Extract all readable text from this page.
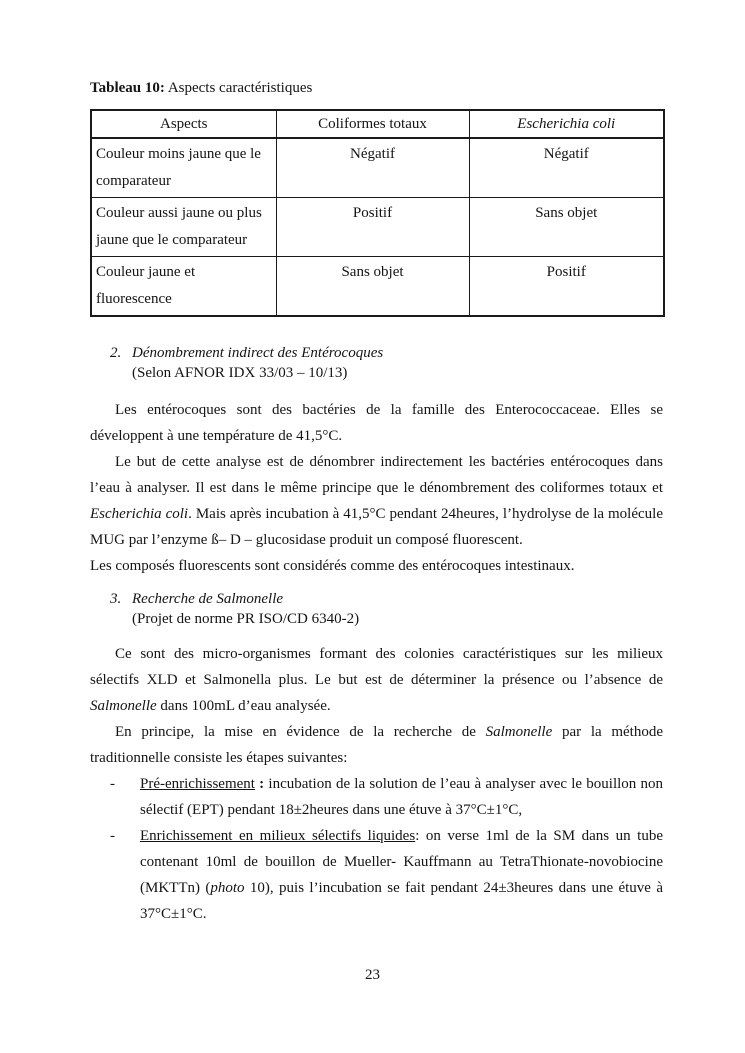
Tableau 10: Aspects caractéristiques

Aspects	Coliformes totaux	Escherichia coli
Couleur moins jaune que le comparateur	Négatif	Négatif
Couleur aussi jaune ou plus jaune que le comparateur	Positif	Sans objet
Couleur jaune et fluorescence	Sans objet	Positif
2. Dénombrement indirect des Entérocoques
(Selon AFNOR IDX 33/03 – 10/13)

Les entérocoques sont des bactéries de la famille des Enterococcaceae. Elles se développent à une température de 41,5°C.

Le but de cette analyse est de dénombrer indirectement les bactéries entérocoques dans l’eau à analyser. Il est dans le même principe que le dénombrement des coliformes totaux et Escherichia coli. Mais après incubation à 41,5°C pendant 24heures, l’hydrolyse de la molécule MUG par l’enzyme ß– D – glucosidase produit un composé fluorescent.

Les composés fluorescents sont considérés comme des entérocoques intestinaux.

3. Recherche de Salmonelle
(Projet de norme PR ISO/CD 6340-2)

Ce sont des micro-organismes formant des colonies caractéristiques sur les milieux sélectifs XLD et Salmonella plus. Le but est de déterminer la présence ou l’absence de Salmonelle dans 100mL d’eau analysée.

En principe, la mise en évidence de la recherche de Salmonelle par la méthode traditionnelle consiste les étapes suivantes:

- Pré-enrichissement : incubation de la solution de l’eau à analyser avec le bouillon non sélectif (EPT) pendant 18±2heures dans une étuve à 37°C±1°C,
- Enrichissement en milieux sélectifs liquides: on verse 1ml de la SM dans un tube contenant 10ml de bouillon de Mueller- Kauffmann au TetraThionate-novobiocine (MKTTn) (photo 10), puis l’incubation se fait pendant 24±3heures dans une étuve à 37°C±1°C.
23
